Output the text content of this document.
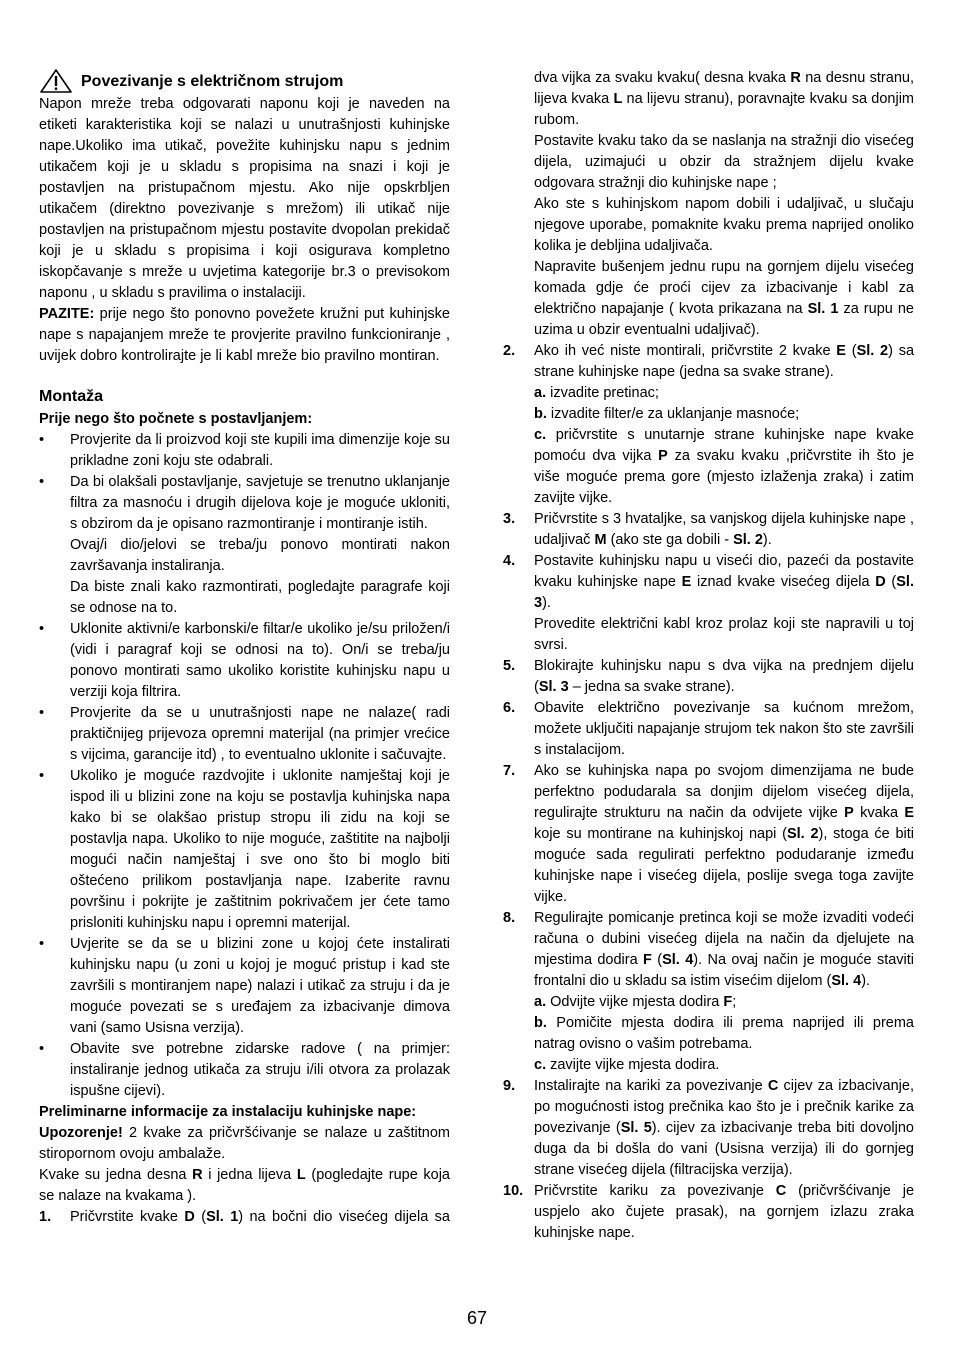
Povezivanje s električnom strujom

Napon mreže treba odgovarati naponu koji je naveden na etiketi karakteristika koji se nalazi u unutrašnjosti kuhinjske nape.Ukoliko ima utikač, povežite kuhinjsku napu s jednim utikačem koji je u skladu s propisima na snazi i koji je postavljen na pristupačnom mjestu. Ako nije opskrbljen utikačem (direktno povezivanje s mrežom) ili utikač nije postavljen na pristupačnom mjestu postavite dvopolan prekidač koji je u skladu s propisima i koji osigurava kompletno iskopčavanje s mreže u uvjetima kategorije br.3 o previsokom naponu , u skladu s pravilima o instalaciji.

PAZITE: prije nego što ponovno povežete kružni put kuhinjske nape s napajanjem mreže te provjerite pravilno funkcioniranje , uvijek dobro kontrolirajte je li kabl mreže bio pravilno montiran.

Montaža

Prije nego što počnete s postavljanjem:

•	Provjerite da li proizvod koji ste kupili ima dimenzije koje su prikladne zoni koju ste odabrali.

•	Da bi olakšali postavljanje, savjetuje se trenutno uklanjanje filtra za masnoću i drugih dijelova koje je moguće ukloniti, s obzirom da je opisano razmontiranje i montiranje istih.

Ovaj/i dio/jelovi se treba/ju ponovo montirati nakon završavanja instaliranja.

Da biste znali kako razmontirati, pogledajte paragrafe koji se odnose na to.

•	Uklonite aktivni/e karbonski/e filtar/e ukoliko je/su priložen/i (vidi i paragraf koji se odnosi na to). On/i se treba/ju ponovo montirati samo ukoliko koristite kuhinjsku napu u verziji koja filtrira.

•	Provjerite da se u unutrašnjosti nape ne nalaze( radi praktičnijeg prijevoza opremni materijal (na primjer vrećice s vijcima, garancije itd) , to eventualno uklonite i sačuvajte.

•	Ukoliko je moguće razdvojite i uklonite namještaj koji je ispod ili u blizini zone na koju se postavlja kuhinjska napa kako bi se olakšao pristup stropu ili zidu na koji se postavlja napa. Ukoliko to nije moguće, zaštitite na najbolji mogući način namještaj i sve ono što bi moglo biti oštećeno prilikom postavljanja nape. Izaberite ravnu površinu i pokrijte je zaštitnim pokrivačem jer ćete tamo prisloniti kuhinjsku napu i opremni materijal.

•	Uvjerite se da se u blizini zone u kojoj ćete instalirati kuhinjsku napu (u zoni u kojoj je moguć pristup i kad ste završili s montiranjem nape) nalazi i utikač za struju i da je moguće povezati se s uređajem za izbacivanje dimova vani (samo Usisna verzija).

•	Obavite sve potrebne zidarske radove ( na primjer: instaliranje jednog utikača za struju i/ili otvora za prolazak ispušne cijevi).

Preliminarne informacije za instalaciju kuhinjske nape:

Upozorenje! 2 kvake za pričvršćivanje se nalaze u zaštitnom stiropornom ovoju ambalaže.

Kvake su jedna desna R i jedna lijeva L (pogledajte rupe koja se nalaze na kvakama ).

1.	Pričvrstite kvake D (Sl. 1) na bočni dio visećeg dijela sa

dva vijka za svaku kvaku( desna kvaka R na desnu stranu, lijeva kvaka L na lijevu stranu), poravnajte kvaku sa donjim rubom.

Postavite kvaku tako da se naslanja na stražnji dio visećeg dijela, uzimajući u obzir da stražnjem dijelu kvake odgovara stražnji dio kuhinjske nape ;

Ako ste s kuhinjskom napom dobili i udaljivač, u slučaju njegove uporabe, pomaknite kvaku prema naprijed onoliko kolika je debljina udaljivača.

Napravite bušenjem jednu rupu na gornjem dijelu visećeg komada gdje će proći cijev za izbacivanje i kabl za električno napajanje ( kvota prikazana na Sl. 1 za rupu ne uzima u obzir eventualni udaljivač).

2.	Ako ih već niste montirali, pričvrstite 2 kvake E (Sl. 2) sa strane kuhinjske nape (jedna sa svake strane).

a. izvadite pretinac;

b. izvadite filter/e za uklanjanje masnoće;

c. pričvrstite s unutarnje strane kuhinjske nape kvake pomoću dva vijka P za svaku kvaku ,pričvrstite ih što je više moguće prema gore (mjesto izlaženja zraka) i zatim zavijte vijke.

3.	Pričvrstite s 3 hvataljke, sa vanjskog dijela kuhinjske nape , udaljivač M (ako ste ga dobili - Sl. 2).

4.	Postavite kuhinjsku napu u viseći dio, pazeći da postavite kvaku kuhinjske nape E iznad kvake visećeg dijela D (Sl. 3).

Provedite električni kabl kroz prolaz koji ste napravili u toj svrsi.

5.	Blokirajte kuhinjsku napu s dva vijka na prednjem dijelu (Sl. 3 – jedna sa svake strane).

6.	Obavite električno povezivanje sa kućnom mrežom, možete uključiti napajanje strujom tek nakon što ste završili s instalacijom.

7.	Ako se kuhinjska napa po svojom dimenzijama ne bude perfektno podudarala sa donjim dijelom visećeg dijela, regulirajte strukturu na način da odvijete vijke P kvaka E koje su montirane na kuhinjskoj napi (Sl. 2), stoga će biti moguće sada regulirati perfektno podudaranje između kuhinjske nape i visećeg dijela, poslije svega toga zavijte vijke.

8.	Regulirajte pomicanje pretinca koji se može izvaditi vodeći računa o dubini visećeg dijela na način da djelujete na mjestima dodira F (Sl. 4). Na ovaj način je moguće staviti frontalni dio u skladu sa istim visećim dijelom (Sl. 4).

a. Odvijte vijke mjesta dodira F;

b. Pomičite mjesta dodira ili prema naprijed ili prema natrag ovisno o vašim potrebama.

c. zavijte vijke mjesta dodira.

9.	Instalirajte na kariki za povezivanje C cijev za izbacivanje, po mogućnosti istog prečnika kao što je i prečnik karike za povezivanje (Sl. 5). cijev za izbacivanje treba biti dovoljno duga da bi došla do vani (Usisna verzija) ili do gornjeg strane visećeg dijela (filtracijska verzija).

10. Pričvrstite kariku za povezivanje C (pričvršćivanje je uspjelo ako čujete prasak), na gornjem izlazu zraka kuhinjske nape.

67
